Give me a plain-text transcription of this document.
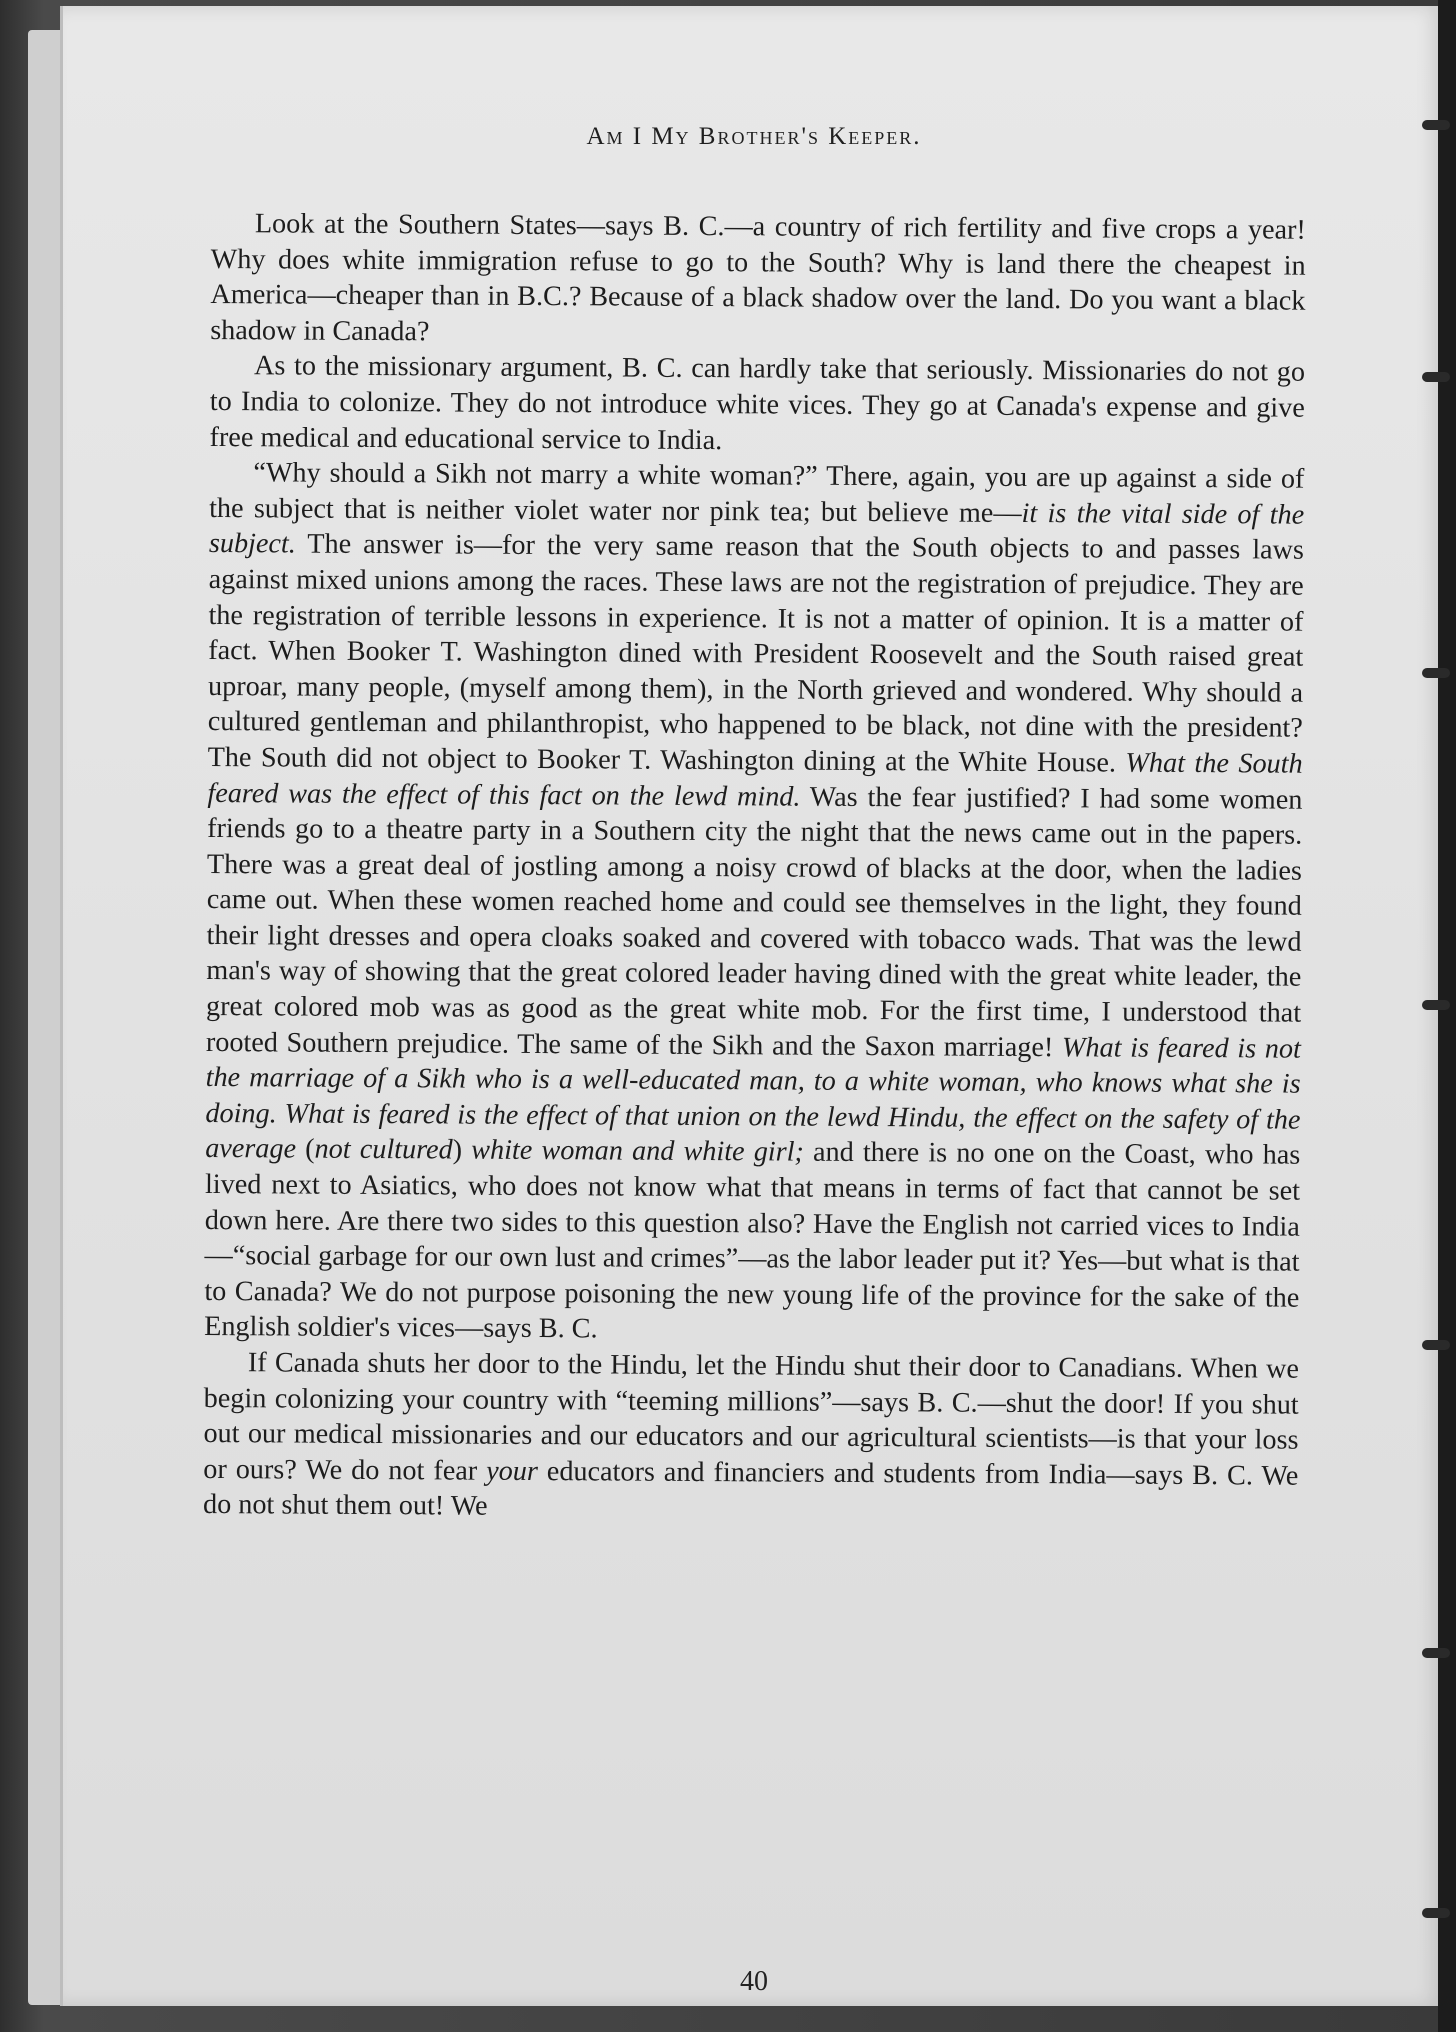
Am I My Brother's Keeper.

Look at the Southern States—says B. C.—a country of rich fertility and five crops a year! Why does white immigration refuse to go to the South? Why is land there the cheapest in America—cheaper than in B.C.? Because of a black shadow over the land. Do you want a black shadow in Canada?

As to the missionary argument, B. C. can hardly take that seriously. Missionaries do not go to India to colonize. They do not introduce white vices. They go at Canada's expense and give free medical and educational service to India.

“Why should a Sikh not marry a white woman?” There, again, you are up against a side of the subject that is neither violet water nor pink tea; but believe me—it is the vital side of the subject. The answer is—for the very same reason that the South objects to and passes laws against mixed unions among the races. These laws are not the registration of prejudice. They are the registration of terrible lessons in experience. It is not a matter of opinion. It is a matter of fact. When Booker T. Washington dined with President Roosevelt and the South raised great uproar, many people, (myself among them), in the North grieved and wondered. Why should a cultured gentleman and philanthropist, who happened to be black, not dine with the president? The South did not object to Booker T. Washington dining at the White House. What the South feared was the effect of this fact on the lewd mind. Was the fear justified? I had some women friends go to a theatre party in a Southern city the night that the news came out in the papers. There was a great deal of jostling among a noisy crowd of blacks at the door, when the ladies came out. When these women reached home and could see themselves in the light, they found their light dresses and opera cloaks soaked and covered with tobacco wads. That was the lewd man's way of showing that the great colored leader having dined with the great white leader, the great colored mob was as good as the great white mob. For the first time, I understood that rooted Southern prejudice. The same of the Sikh and the Saxon marriage! What is feared is not the marriage of a Sikh who is a well-educated man, to a white woman, who knows what she is doing. What is feared is the effect of that union on the lewd Hindu, the effect on the safety of the average (not cultured) white woman and white girl; and there is no one on the Coast, who has lived next to Asiatics, who does not know what that means in terms of fact that cannot be set down here. Are there two sides to this question also? Have the English not carried vices to India—“social garbage for our own lust and crimes”—as the labor leader put it? Yes—but what is that to Canada? We do not purpose poisoning the new young life of the province for the sake of the English soldier's vices—says B. C.

If Canada shuts her door to the Hindu, let the Hindu shut their door to Canadians. When we begin colonizing your country with “teeming millions”—says B. C.—shut the door! If you shut out our medical missionaries and our educators and our agricultural scientists—is that your loss or ours? We do not fear your educators and financiers and students from India—says B. C. We do not shut them out! We

40
